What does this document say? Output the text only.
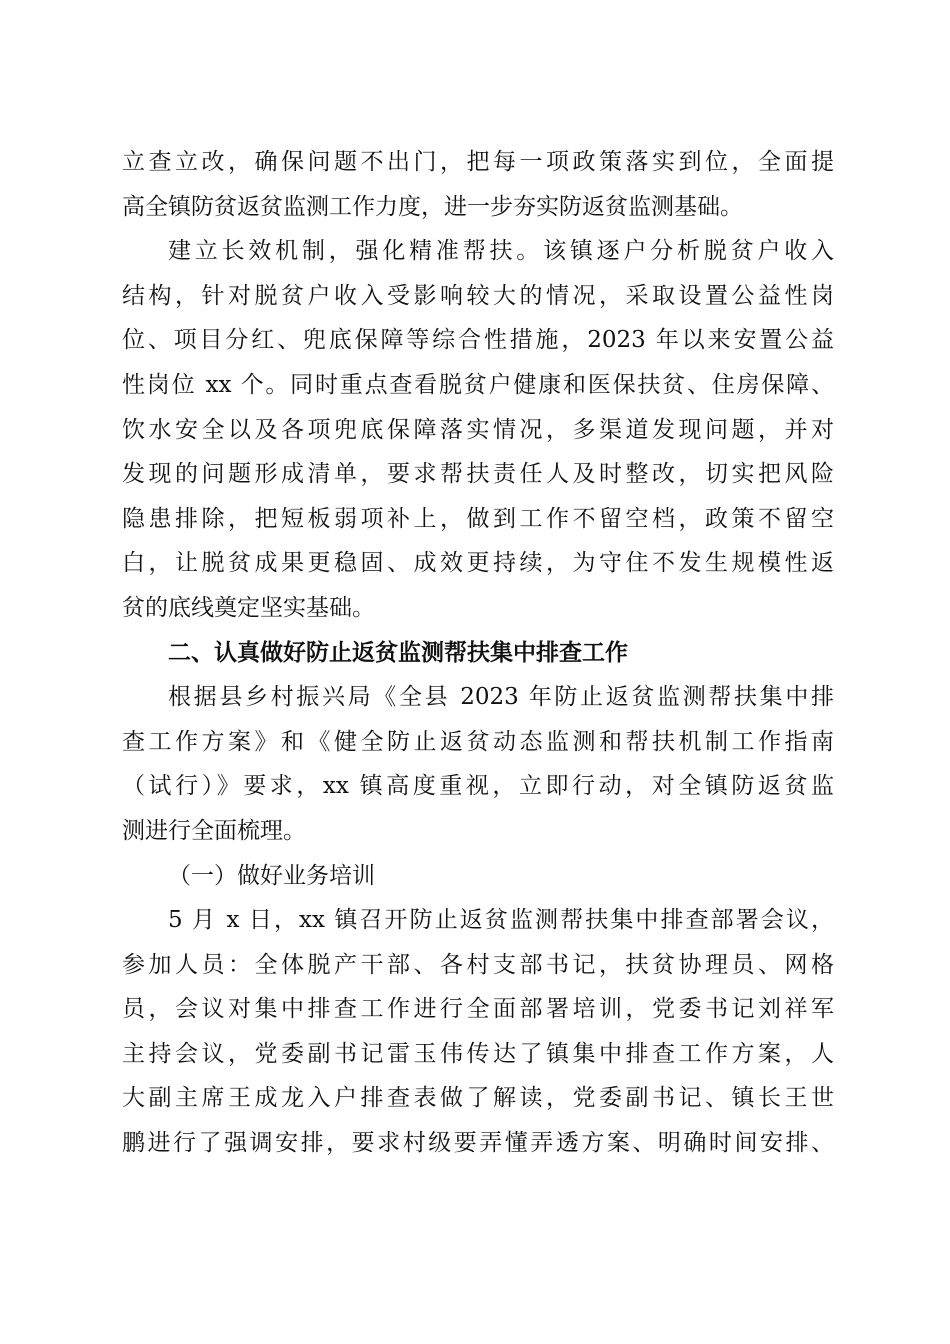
立查立改，确保问题不出门，把每一项政策落实到位，全面提
高全镇防贫返贫监测工作力度，进一步夯实防返贫监测基础。
建立长效机制，强化精准帮扶。该镇逐户分析脱贫户收入
结构，针对脱贫户收入受影响较大的情况，采取设置公益性岗
位、项目分红、兜底保障等综合性措施，2023 年以来安置公益
性岗位 xx 个。同时重点查看脱贫户健康和医保扶贫、住房保障、
饮水安全以及各项兜底保障落实情况，多渠道发现问题，并对
发现的问题形成清单，要求帮扶责任人及时整改，切实把风险
隐患排除，把短板弱项补上，做到工作不留空档，政策不留空
白，让脱贫成果更稳固、成效更持续，为守住不发生规模性返
贫的底线奠定坚实基础。
二、认真做好防止返贫监测帮扶集中排查工作
根据县乡村振兴局《全县 2023 年防止返贫监测帮扶集中排
查工作方案》和《健全防止返贫动态监测和帮扶机制工作指南
（试行）》要求，xx 镇高度重视，立即行动，对全镇防返贫监
测进行全面梳理。
（一）做好业务培训
5 月 x 日，xx 镇召开防止返贫监测帮扶集中排查部署会议，
参加人员：全体脱产干部、各村支部书记，扶贫协理员、网格
员，会议对集中排查工作进行全面部署培训，党委书记刘祥军
主持会议，党委副书记雷玉伟传达了镇集中排查工作方案，人
大副主席王成龙入户排查表做了解读，党委副书记、镇长王世
鹏进行了强调安排，要求村级要弄懂弄透方案、明确时间安排、
